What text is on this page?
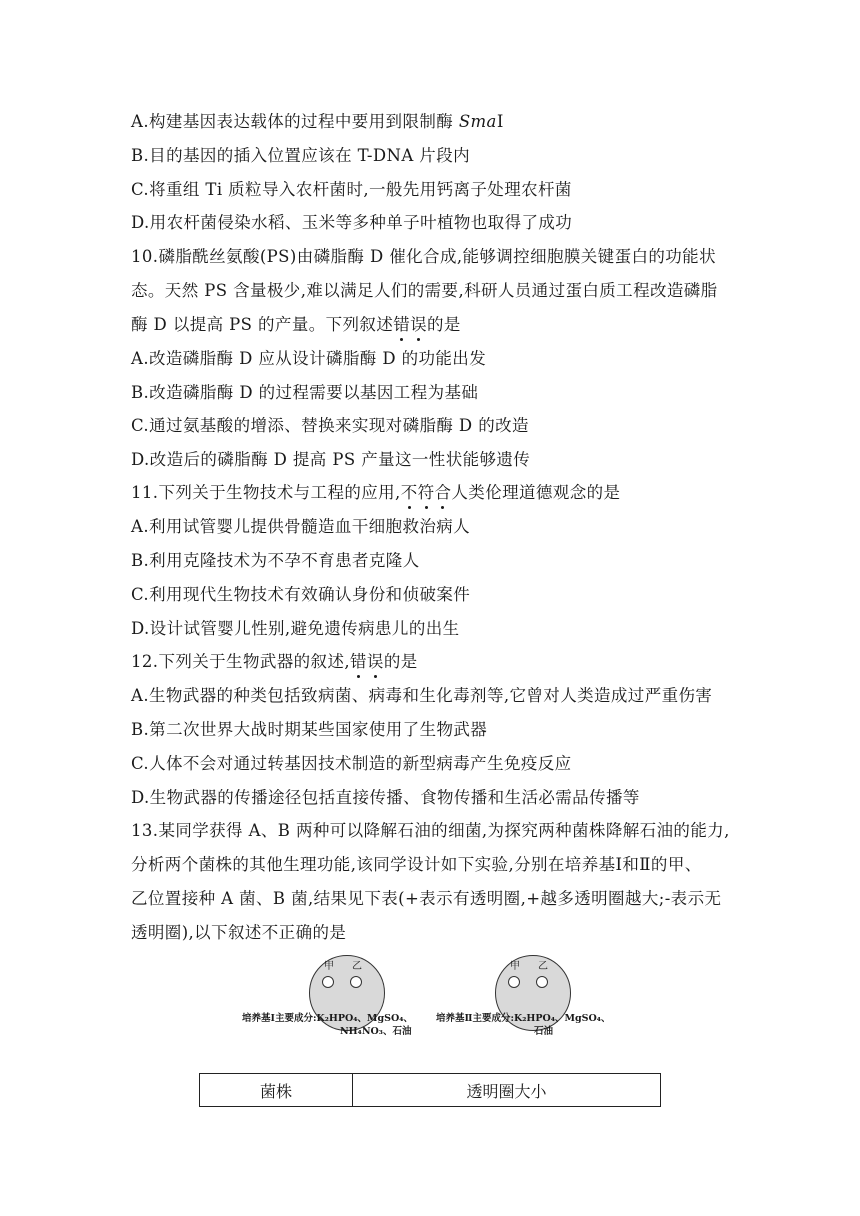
A.构建基因表达载体的过程中要用到限制酶 SmaⅠ
B.目的基因的插入位置应该在 T-DNA 片段内
C.将重组 Ti 质粒导入农杆菌时,一般先用钙离子处理农杆菌
D.用农杆菌侵染水稻、玉米等多种单子叶植物也取得了成功
10.磷脂酰丝氨酸(PS)由磷脂酶 D 催化合成,能够调控细胞膜关键蛋白的功能状
态。天然 PS 含量极少,难以满足人们的需要,科研人员通过蛋白质工程改造磷脂
酶 D 以提高 PS 的产量。下列叙述错误的是
A.改造磷脂酶 D 应从设计磷脂酶 D 的功能出发
B.改造磷脂酶 D 的过程需要以基因工程为基础
C.通过氨基酸的增添、替换来实现对磷脂酶 D 的改造
D.改造后的磷脂酶 D 提高 PS 产量这一性状能够遗传
11.下列关于生物技术与工程的应用,不符合人类伦理道德观念的是
A.利用试管婴儿提供骨髓造血干细胞救治病人
B.利用克隆技术为不孕不育患者克隆人
C.利用现代生物技术有效确认身份和侦破案件
D.设计试管婴儿性别,避免遗传病患儿的出生
12.下列关于生物武器的叙述,错误的是
A.生物武器的种类包括致病菌、病毒和生化毒剂等,它曾对人类造成过严重伤害
B.第二次世界大战时期某些国家使用了生物武器
C.人体不会对通过转基因技术制造的新型病毒产生免疫反应
D.生物武器的传播途径包括直接传播、食物传播和生活必需品传播等
13.某同学获得 A、B 两种可以降解石油的细菌,为探究两种菌株降解石油的能力,
分析两个菌株的其他生理功能,该同学设计如下实验,分别在培养基Ⅰ和Ⅱ的甲、
乙位置接种 A 菌、B 菌,结果见下表(+表示有透明圈,+越多透明圈越大;-表示无
透明圈),以下叙述不正确的是
甲 乙	甲 乙
培养基Ⅰ主要成分:K₂HPO₄、MgSO₄、
NH₄NO₃、石油
培养基Ⅱ主要成分:K₂HPO₄、MgSO₄、
石油
菌株	透明圈大小
